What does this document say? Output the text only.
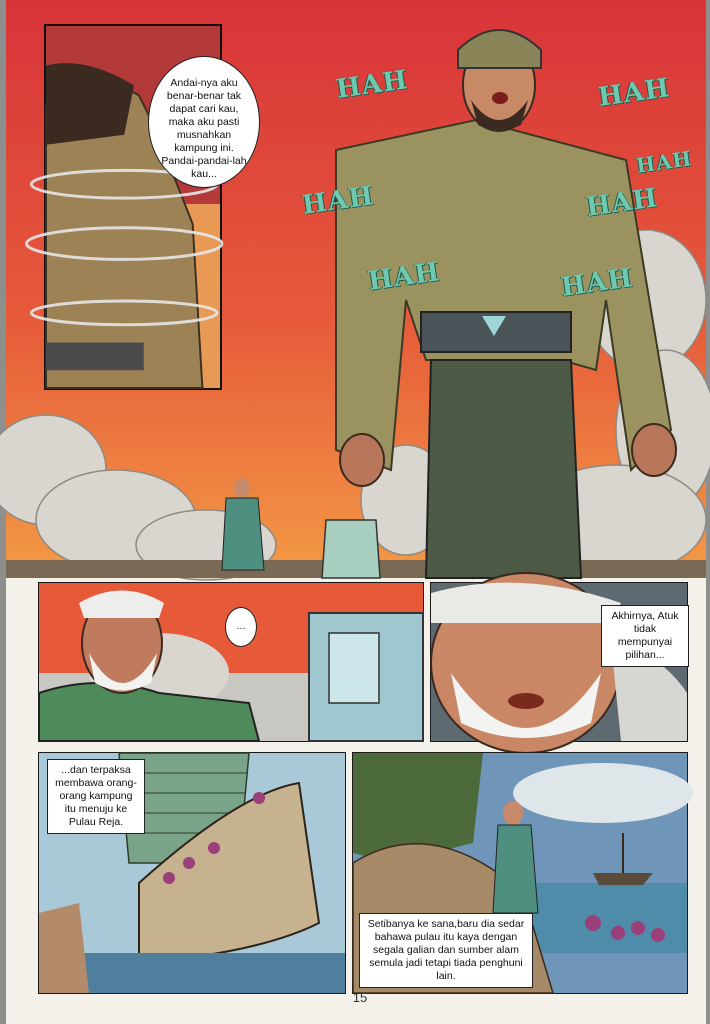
HAH	HAH
HAH	HAH
HAH	HAH
HAH
Andai-nya aku benar-benar tak dapat cari kau, maka aku pasti musnahkan kampung ini. Pandai-pandai-lah kau...
...
Akhirnya, Atuk tidak mempunyai pilihan...
...dan terpaksa membawa orang-orang kampung itu menuju ke Pulau Reja.
Setibanya ke sana,baru dia sedar bahawa pulau itu kaya dengan segala galian dan sumber alam semula jadi tetapi tiada penghuni lain.
15
